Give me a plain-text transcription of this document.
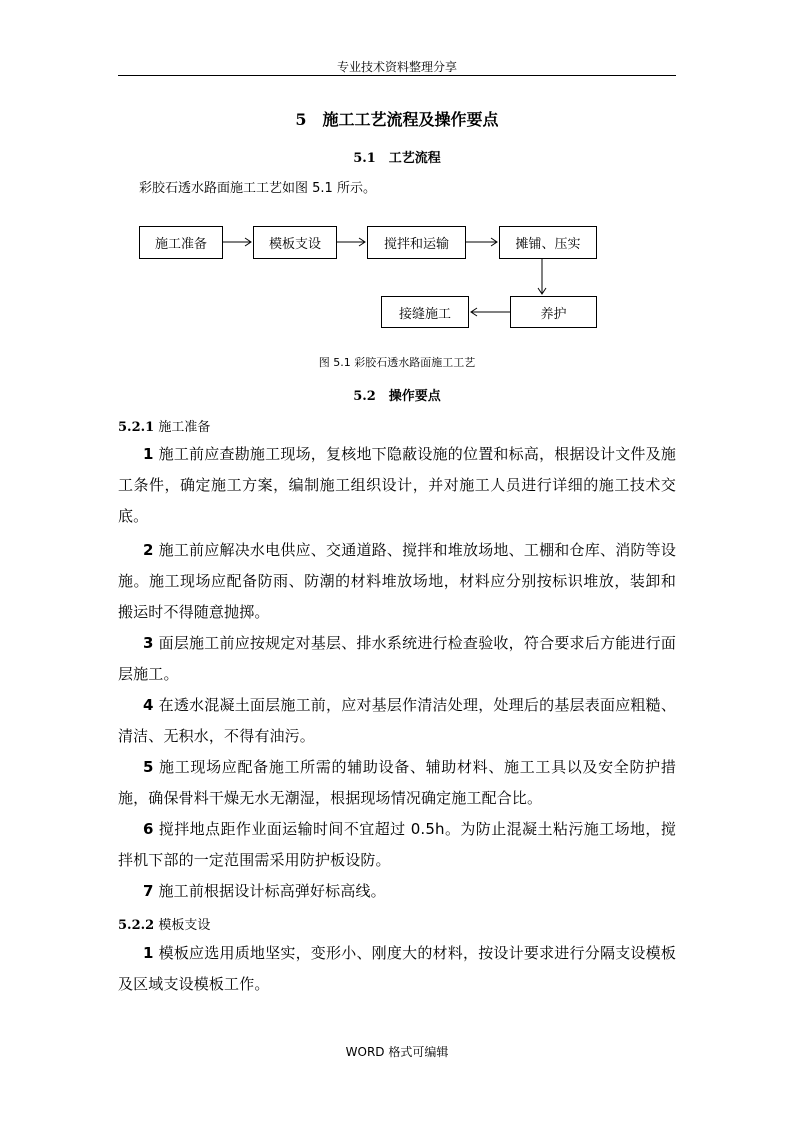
专业技术资料整理分享
5　施工工艺流程及操作要点
5.1　工艺流程
彩胶石透水路面施工工艺如图 5.1 所示。
施工准备	模板支设	搅拌和运输	摊铺、压实
养护
接缝施工
图 5.1 彩胶石透水路面施工工艺
5.2　操作要点
5.2.1 施工准备
1 施工前应查勘施工现场，复核地下隐蔽设施的位置和标高，根据设计文件及施工条件，确定施工方案，编制施工组织设计，并对施工人员进行详细的施工技术交底。
2 施工前应解决水电供应、交通道路、搅拌和堆放场地、工棚和仓库、消防等设施。施工现场应配备防雨、防潮的材料堆放场地，材料应分别按标识堆放，装卸和搬运时不得随意抛掷。
3 面层施工前应按规定对基层、排水系统进行检查验收，符合要求后方能进行面层施工。
4 在透水混凝土面层施工前，应对基层作清洁处理，处理后的基层表面应粗糙、清洁、无积水，不得有油污。
5 施工现场应配备施工所需的辅助设备、辅助材料、施工工具以及安全防护措施，确保骨料干燥无水无潮湿，根据现场情况确定施工配合比。
6 搅拌地点距作业面运输时间不宜超过 0.5h。为防止混凝土粘污施工场地，搅拌机下部的一定范围需采用防护板设防。
7 施工前根据设计标高弹好标高线。
5.2.2 模板支设
1 模板应选用质地坚实，变形小、刚度大的材料，按设计要求进行分隔支设模板及区域支设模板工作。
WORD 格式可编辑
